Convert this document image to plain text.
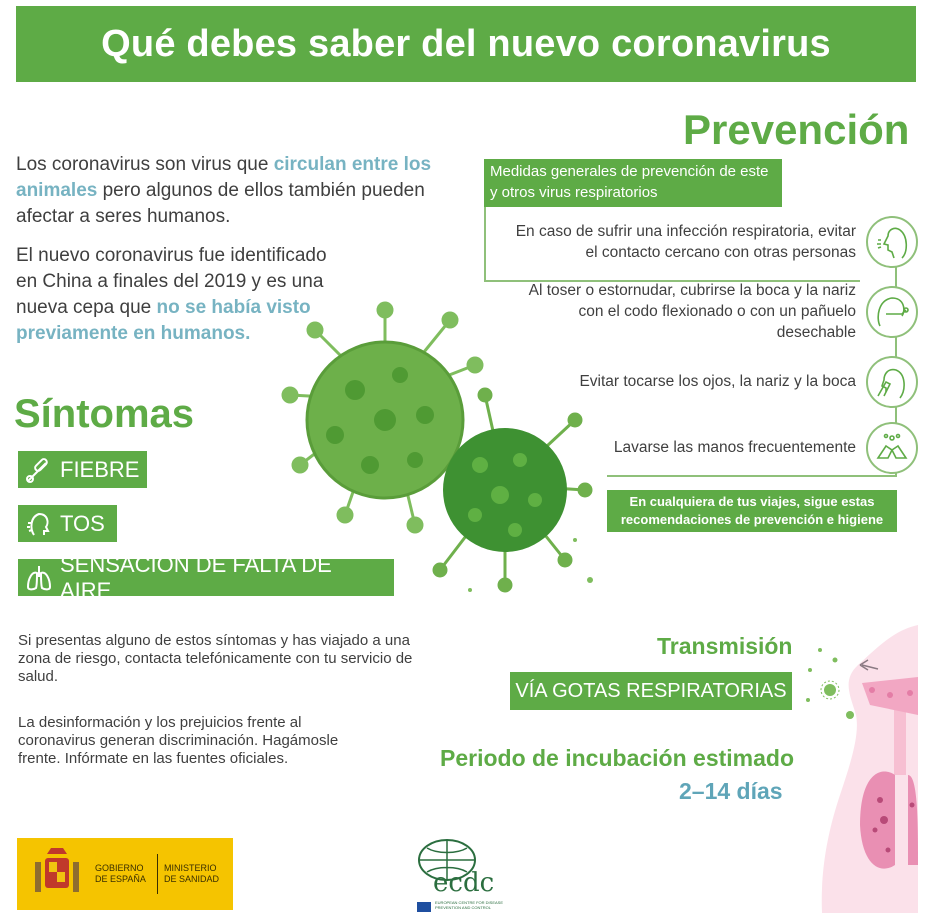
Qué debes saber del nuevo coronavirus
Los coronavirus son virus que circulan entre los animales pero algunos de ellos también pueden afectar a seres humanos.
El nuevo coronavirus fue identificado en China a finales del 2019 y es una nueva cepa que no se había visto previamente en humanos.
Síntomas
FIEBRE
TOS
SENSACIÓN DE FALTA DE AIRE
Si presentas alguno de estos síntomas y has viajado a una zona de riesgo, contacta telefónicamente con tu servicio de salud.
La desinformación y los prejuicios frente al coronavirus generan discriminación. Hagámosle frente. Infórmate en las fuentes oficiales.
Prevención
Medidas generales de prevención de este y otros virus respiratorios
En caso de sufrir una infección respiratoria, evitar el contacto cercano con otras personas
Al toser o estornudar, cubrirse la boca y la nariz con el codo flexionado o con un pañuelo desechable
Evitar tocarse los ojos, la nariz y la boca
Lavarse las manos frecuentemente
En cualquiera de tus viajes, sigue estas recomendaciones de prevención e higiene
Transmisión
VÍA GOTAS RESPIRATORIAS
Periodo de incubación estimado
2–14 días
GOBIERNO DE ESPAÑA
MINISTERIO DE SANIDAD	ecdc
EUROPEAN CENTRE FOR DISEASE PREVENTION AND CONTROL
